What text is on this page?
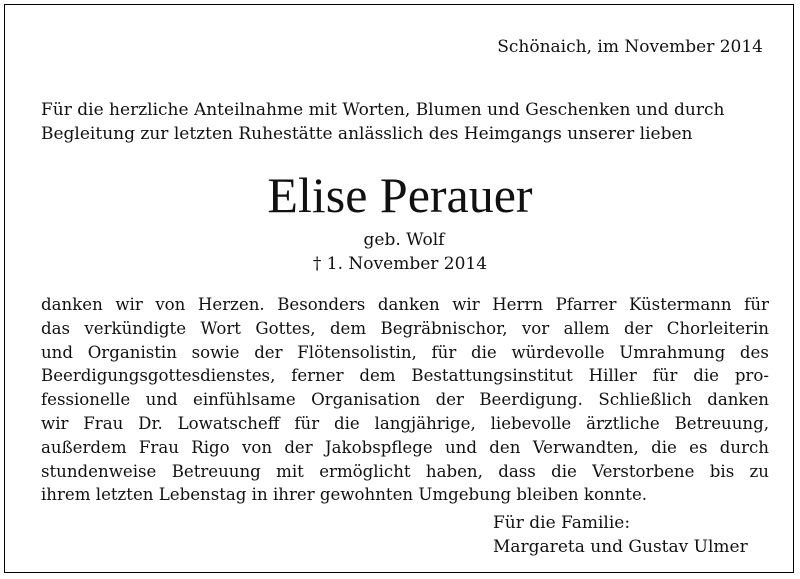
Schönaich, im November 2014
Für die herzliche Anteilnahme mit Worten, Blumen und Geschenken und durch
Begleitung zur letzten Ruhestätte anlässlich des Heimgangs unserer lieben
Elise Perauer
geb. Wolf
† 1. November 2014
danken wir von Herzen. Besonders danken wir Herrn Pfarrer Küstermann für
das verkündigte Wort Gottes, dem Begräbnischor, vor allem der Chorleiterin
und Organistin sowie der Flötensolistin, für die würdevolle Umrahmung des
Beerdigungsgottesdienstes, ferner dem Bestattungsinstitut Hiller für die pro-
fessionelle und einfühlsame Organisation der Beerdigung. Schließlich danken
wir Frau Dr. Lowatscheff für die langjährige, liebevolle ärztliche Betreuung,
außerdem Frau Rigo von der Jakobspflege und den Verwandten, die es durch
stundenweise Betreuung mit ermöglicht haben, dass die Verstorbene bis zu
ihrem letzten Lebenstag in ihrer gewohnten Umgebung bleiben konnte.
Für die Familie:
Margareta und Gustav Ulmer
